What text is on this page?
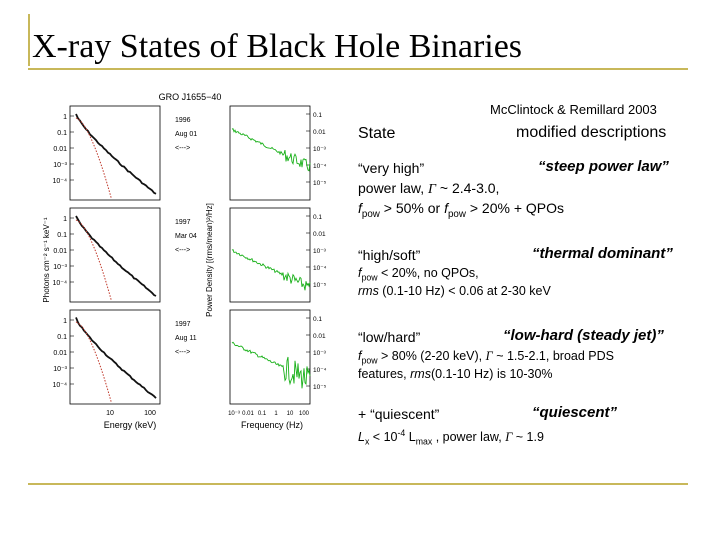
X-ray States of Black Hole Binaries
GRO J1655−40
Photons cm⁻² s⁻¹ keV⁻¹	Power Density [(rms/mean)²/Hz]
Energy (keV)	Frequency (Hz)
1
0.1
0.01
10⁻³
10⁻⁴
0.1
0.01
10⁻³
10⁻⁴
10⁻⁵
1996
Aug 01
<--->
1
0.1
0.01
10⁻³
10⁻⁴
0.1
0.01
10⁻³
10⁻⁴
10⁻⁵
1997
Mar 04
<--->
1
0.1
0.01
10⁻³
10⁻⁴
0.1
0.01
10⁻³
10⁻⁴
10⁻⁵
1997
Aug 11
<--->
10	100	10⁻³ 0.01 0.1 1 10 100
McClintock & Remillard 2003
State	modified descriptions
“very high”	“steep power law”
power law, Γ ~ 2.4-3.0,
$f_{pow} > 50\%$ or $f_{pow} > 20\%$ + QPOs
“high/soft”	“thermal dominant”
$f_{pow} < 20\%$, no QPOs,
rms (0.1-10 Hz) < 0.06 at 2-30 keV
“low/hard”	“low-hard (steady jet)”
$f_{pow} > 80\%$ (2-20 keV), Γ ~ 1.5-2.1, broad PDS
features, rms(0.1-10 Hz) is 10-30%
+ “quiescent”	“quiescent”
$L_x < 10^{-4}$ $L_{max}$ , power law, Γ ~ 1.9
